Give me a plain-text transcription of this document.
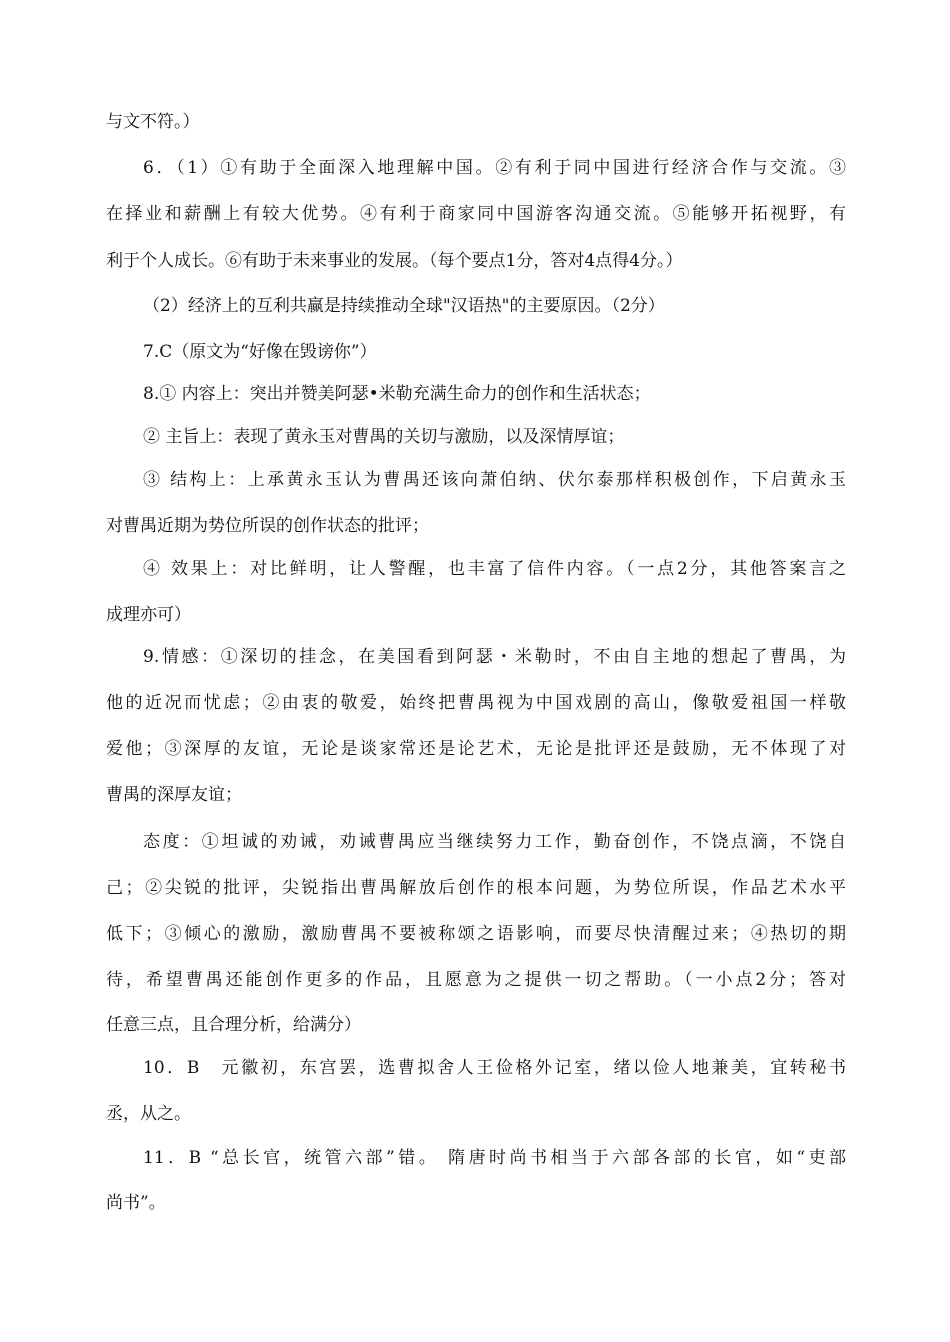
与文不符。）
6．（1）①有助于全面深入地理解中国。②有利于同中国进行经济合作与交流。③
在择业和薪酬上有较大优势。④有利于商家同中国游客沟通交流。⑤能够开拓视野，有
利于个人成长。⑥有助于未来事业的发展。（每个要点1分，答对4点得4分。）
（2）经济上的互利共赢是持续推动全球"汉语热"的主要原因。（2分）
7.C（原文为“好像在毁谤你”）
8.① 内容上：突出并赞美阿瑟•米勒充满生命力的创作和生活状态；
② 主旨上：表现了黄永玉对曹禺的关切与激励，以及深情厚谊；
③ 结构上：上承黄永玉认为曹禺还该向萧伯纳、伏尔泰那样积极创作，下启黄永玉
对曹禺近期为势位所误的创作状态的批评；
④ 效果上：对比鲜明，让人警醒，也丰富了信件内容。（一点2分，其他答案言之
成理亦可）
9.情感：①深切的挂念，在美国看到阿瑟・米勒时，不由自主地的想起了曹禺，为
他的近况而忧虑；②由衷的敬爱，始终把曹禺视为中国戏剧的高山，像敬爱祖国一样敬
爱他；③深厚的友谊，无论是谈家常还是论艺术，无论是批评还是鼓励，无不体现了对
曹禺的深厚友谊；
态度：①坦诚的劝诫，劝诫曹禺应当继续努力工作，勤奋创作，不饶点滴，不饶自
己；②尖锐的批评，尖锐指出曹禺解放后创作的根本问题，为势位所误，作品艺术水平
低下；③倾心的激励，激励曹禺不要被称颂之语影响，而要尽快清醒过来；④热切的期
待，希望曹禺还能创作更多的作品，且愿意为之提供一切之帮助。（一小点2分；答对
任意三点，且合理分析，给满分）
10．B　元徽初，东宫罢，选曹拟舍人王俭格外记室，绪以俭人地兼美，宜转秘书
丞，从之。
11．B “总长官，统管六部”错。 隋唐时尚书相当于六部各部的长官，如“吏部
尚书”。
